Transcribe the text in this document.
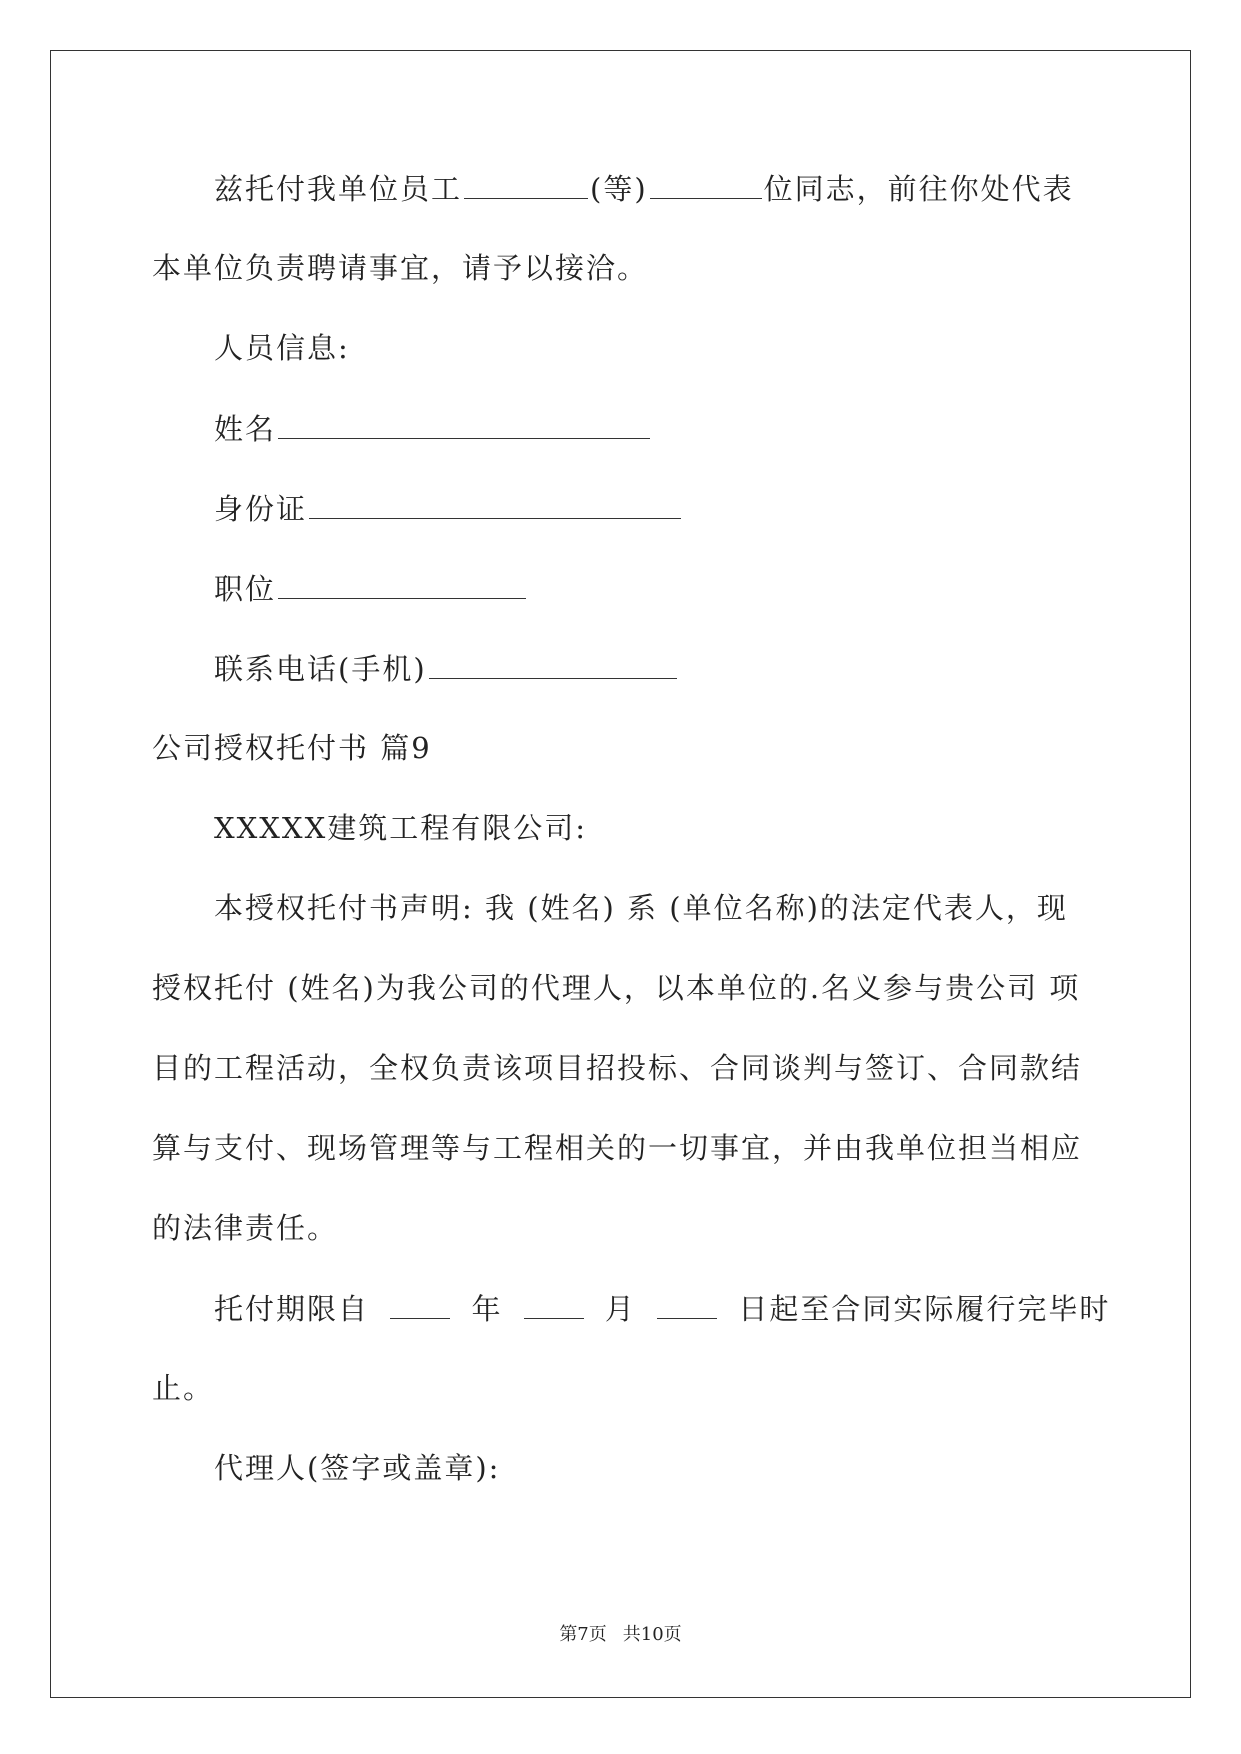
兹托付我单位员工	(等)	位同志，前往你处代表
本单位负责聘请事宜，请予以接洽。
人员信息:
姓名
身份证
职位
联系电话(手机)
公司授权托付书 篇9
XXXXX建筑工程有限公司:
本授权托付书声明: 我 (姓名) 系 (单位名称)的法定代表人，现
授权托付 (姓名)为我公司的代理人，以本单位的.名义参与贵公司 项
目的工程活动，全权负责该项目招投标、合同谈判与签订、合同款结
算与支付、现场管理等与工程相关的一切事宜，并由我单位担当相应
的法律责任。
托付期限自	年	月	日起至合同实际履行完毕时
止。
代理人(签字或盖章):
第7页 共10页
